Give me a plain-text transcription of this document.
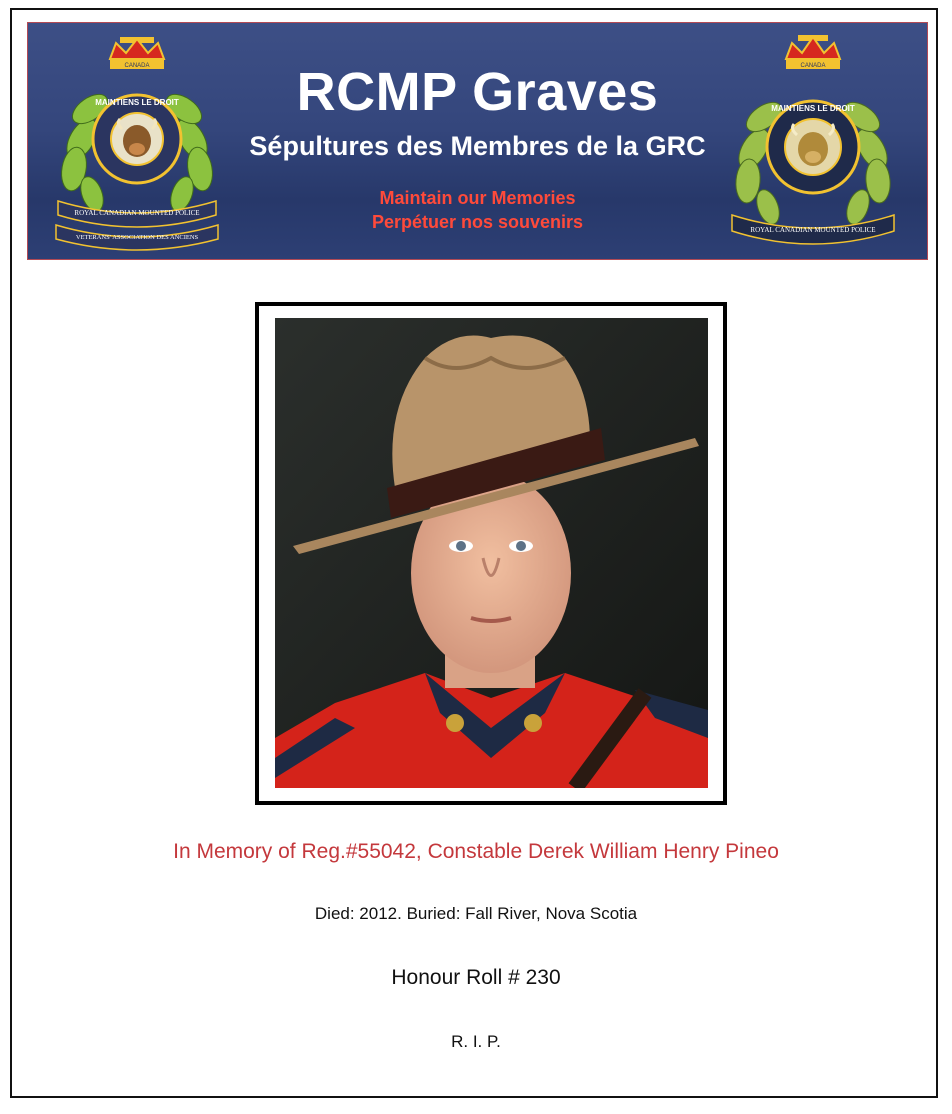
CANADA
MAINTIENS LE DROIT
ROYAL CANADIAN MOUNTED POLICE
VETERANS' ASSOCIATION DES ANCIENS
RCMP Graves
Sépultures des Membres de la GRC
Maintain our Memories
Perpétuer nos souvenirs
CANADA
MAINTIENS LE DROIT
ROYAL CANADIAN MOUNTED POLICE
In Memory of Reg.#55042, Constable Derek William Henry Pineo
Died: 2012. Buried: Fall River, Nova Scotia
Honour Roll # 230
R. I. P.
